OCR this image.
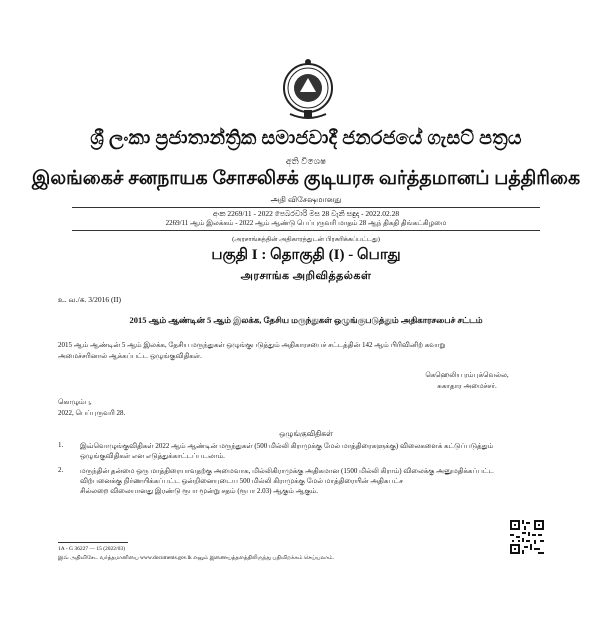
ශ්‍රී ලංකා ප්‍රජාතාන්ත්‍රික සමාජවාදී ජනරජයේ ගැසට් පත්‍රය
අති විශෙෂ
இலங்கைச் சனநாயக சோசலிசக் குடியரசு வர்த்தமானப் பத்திரிகை
அதி விசேஷமானது
අංක 2269/11 - 2022 පෙබරවාරි මස 28 වැනි සඳුදා - 2022.02.28
2269/11 ஆம் இலக்கம் - 2022 ஆம் ஆண்டு பெப்புருவரி மாதம் 28 ஆந் திகதி திங்கட்கிழமை
(அரசாங்கத்தின் அதிகாரத்துடன் பிரசுரிக்கப்பட்டது)
பகுதி I : தொகுதி (I) - பொது
அரசாங்க அறிவித்தல்கள்
உ. வ./க. 3/2016 (II)
2015 ஆம் ஆண்டின் 5 ஆம் இலக்க, தேசிய மருந்துகள் ஒழுங்குபடுத்தும் அதிகாரசபைச் சட்டம்
2015 ஆம் ஆண்டின் 5 ஆம் இலக்க, தேசிய மருந்துகள் ஒழுங்குபடுத்தும் அதிகாரசபைச் சட்டத்தின் 142 ஆம் பிரிவினிற் கவாறு
அமைச்சரினால் ஆக்கப்பட்ட ஒழுங்குவிதிகள்.
கெஹெலிய ரம்புக்வெல்ல,
சுகாதார அமைச்சர்.
கொழும்பு,
2022, பெப்புருவரி 28.
ஒழுங்குவிதிகள்
1. இவ்வொழுங்குவிதிகள் 2022 ஆம் ஆண்டின் மருந்துகள் (500 மில்லி கிராமுக்கு மேல் மாத்திரைகளுக்கு) விலைகளைக் கட்டுப்படுத்தும்
ஒழுங்குவிதிகள் என எடுத்துக்காட்டப்படலாம்.
2. மருந்தின் தன்மை ஒரு மாத்திரையாவதற்கு அமைவாக, மில்லிகிராமுக்கு அதிகமான (1500 மில்லி கிராம்) விலைக்கு அனுமதிக்கப்பட்ட
விற்பனைக்கு நிர்ணயிக்கப்பட்ட ஒன்றினையுடைய 500 மில்லி கிராமுக்கு மேல் மாத்திரையின் அதிகபட்ச
சில்லறை விலையானது இரண்டு ரூபா மூன்று சதம் (ரூபா 2.03) ஆகும் ஆகும்.
1A - G 36227 — 15 (2022/03)
இவ் அதிவிசேட வர்த்தமானியை www.documents.gov.lk எனும் இணையத்தளத்திலிருந்து பதிவிறக்கம் செய்யலாம்.
